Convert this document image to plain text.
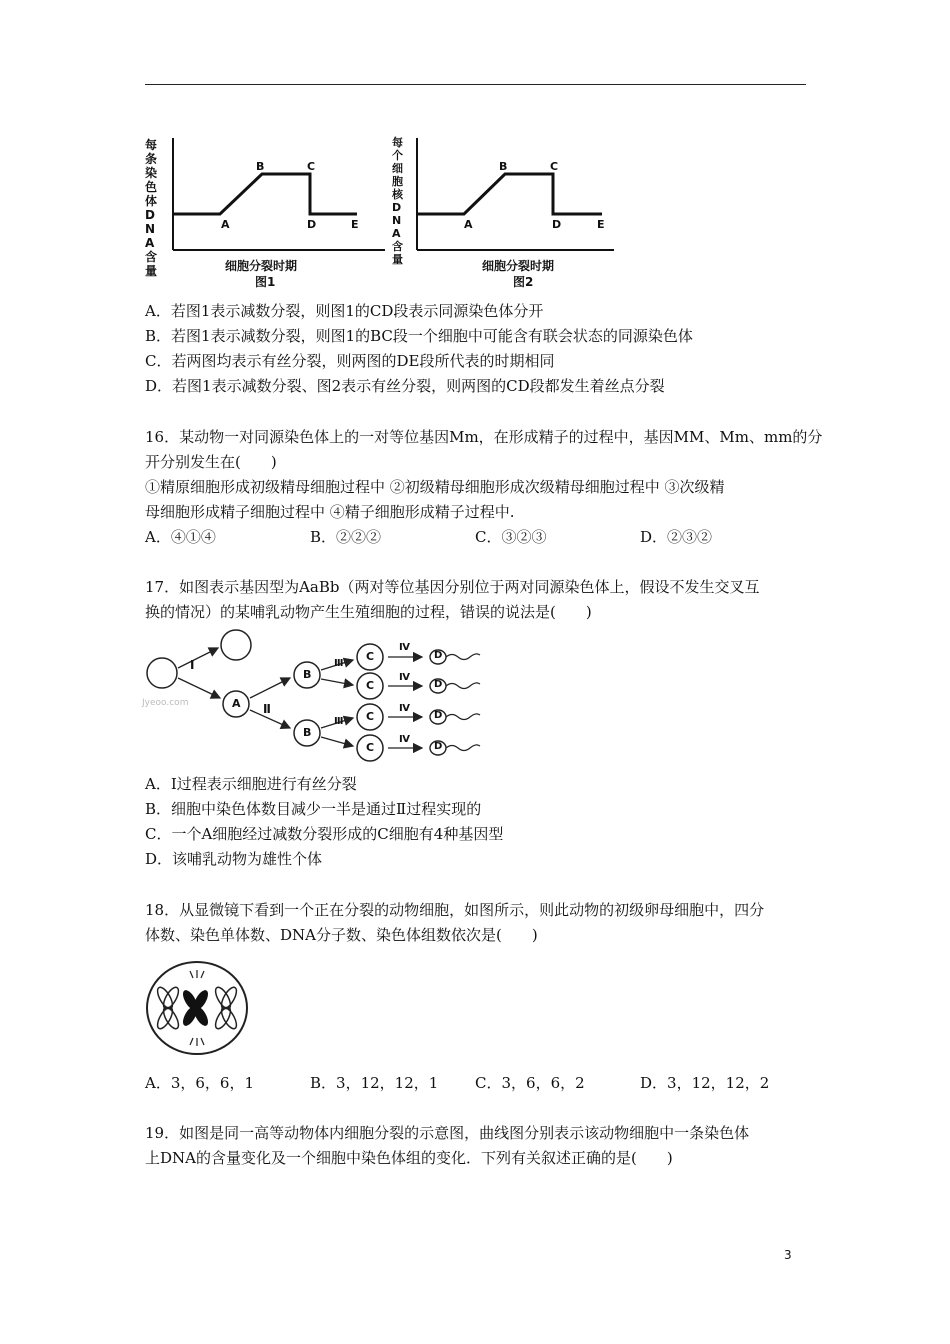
每条染色体DNA含量
A
B	C
D	E
细胞分裂时期
图1
每个细胞核DNA含量
A
B	C
D	E
细胞分裂时期
图2
A．若图1表示减数分裂，则图1的CD段表示同源染色体分开
B．若图1表示减数分裂，则图1的BC段一个细胞中可能含有联会状态的同源染色体
C．若两图均表示有丝分裂，则两图的DE段所代表的时期相同
D．若图1表示减数分裂、图2表示有丝分裂，则两图的CD段都发生着丝点分裂
16．某动物一对同源染色体上的一对等位基因Mm，在形成精子的过程中，基因MM、Mm、mm的分
开分别发生在(　　)
①精原细胞形成初级精母细胞过程中 ②初级精母细胞形成次级精母细胞过程中 ③次级精
母细胞形成精子细胞过程中 ④精子细胞形成精子过程中.
A．④①④	B．②②②	C．③②③	D．②③②
17．如图表示基因型为AaBb（两对等位基因分别位于两对同源染色体上，假设不发生交叉互
换的情况）的某哺乳动物产生生殖细胞的过程，错误的说法是(　　)
Ⅰ
Ⅱ
Ⅲ
Ⅲ
Ⅳ
Ⅳ
Ⅳ
Ⅳ
A
B
B
C
C
C
C
D
D
D
D
Jyeoo.com
A．Ⅰ过程表示细胞进行有丝分裂
B．细胞中染色体数目减少一半是通过Ⅱ过程实现的
C．一个A细胞经过减数分裂形成的C细胞有4种基因型
D．该哺乳动物为雄性个体
18．从显微镜下看到一个正在分裂的动物细胞，如图所示，则此动物的初级卵母细胞中，四分
体数、染色单体数、DNA分子数、染色体组数依次是(　　)
A．3，6，6，1	B．3，12，12，1 C．3，6，6，2	D．3，12，12，2
19．如图是同一高等动物体内细胞分裂的示意图，曲线图分别表示该动物细胞中一条染色体
上DNA的含量变化及一个细胞中染色体组的变化．下列有关叙述正确的是(　　)
3
